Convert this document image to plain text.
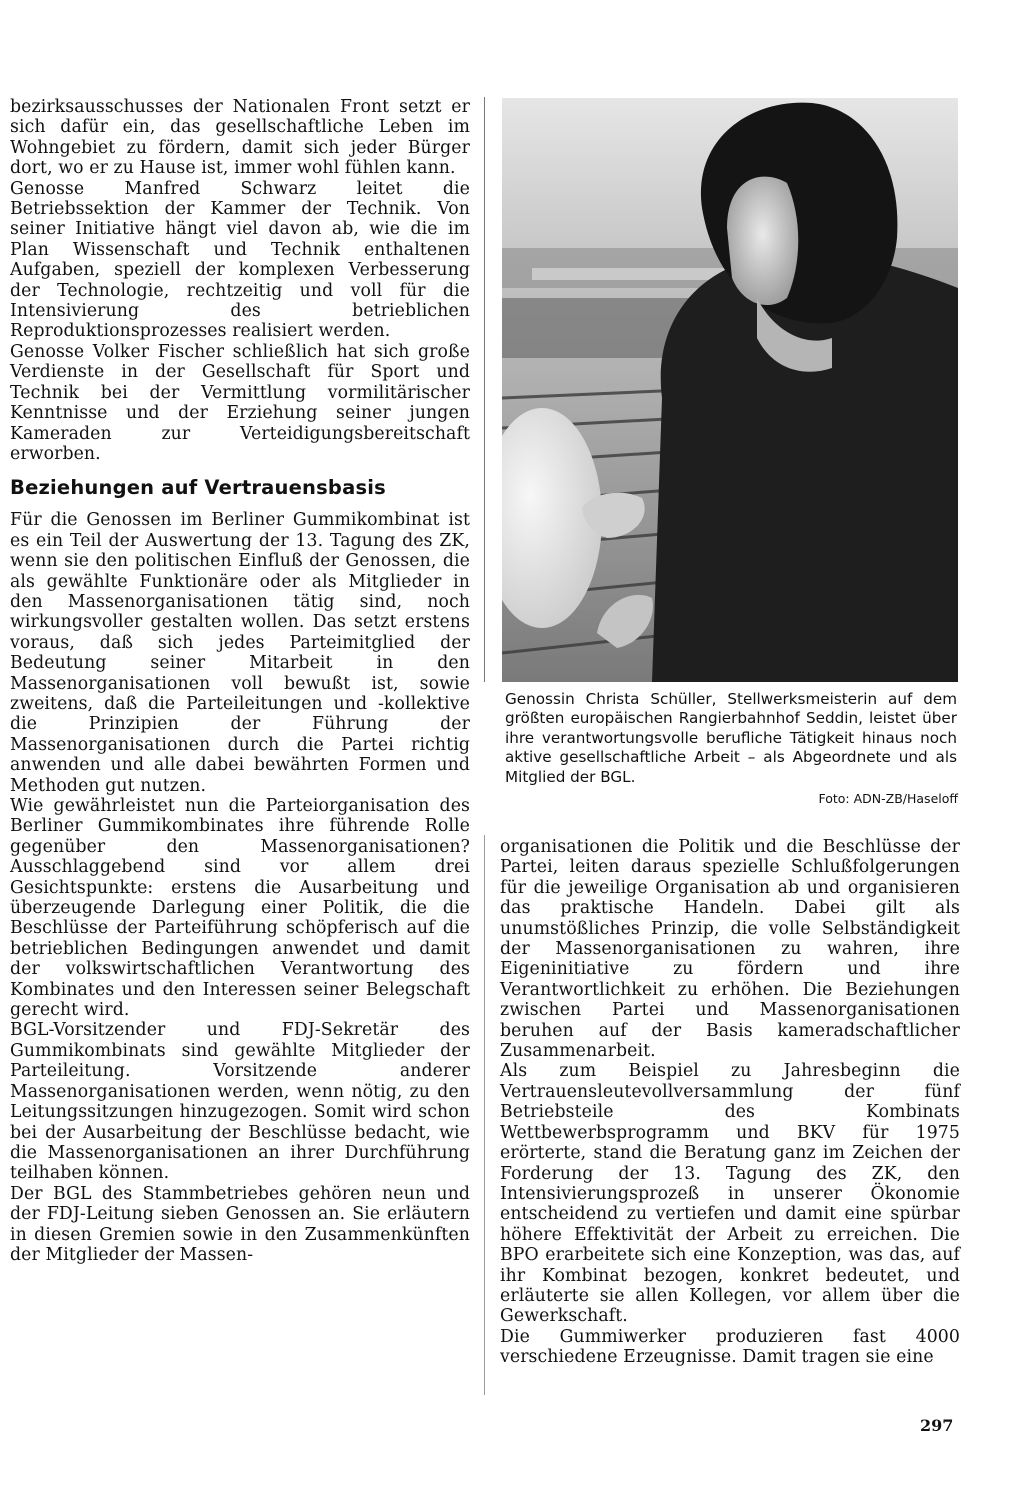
bezirksausschusses der Nationalen Front setzt er sich dafür ein, das gesellschaftliche Leben im Wohngebiet zu fördern, damit sich jeder Bürger dort, wo er zu Hause ist, immer wohl fühlen kann.

Genosse Manfred Schwarz leitet die Betriebssektion der Kammer der Technik. Von seiner Initiative hängt viel davon ab, wie die im Plan Wissenschaft und Technik enthaltenen Aufgaben, speziell der komplexen Verbesserung der Technologie, rechtzeitig und voll für die Intensivierung des betrieblichen Reproduktionsprozesses realisiert werden.

Genosse Volker Fischer schließlich hat sich große Verdienste in der Gesellschaft für Sport und Technik bei der Vermittlung vormilitärischer Kenntnisse und der Erziehung seiner jungen Kameraden zur Verteidigungsbereitschaft erworben.

Beziehungen auf Vertrauensbasis

Für die Genossen im Berliner Gummikombinat ist es ein Teil der Auswertung der 13. Tagung des ZK, wenn sie den politischen Einfluß der Genossen, die als gewählte Funktionäre oder als Mitglieder in den Massenorganisationen tätig sind, noch wirkungsvoller gestalten wollen. Das setzt erstens voraus, daß sich jedes Parteimitglied der Bedeutung seiner Mitarbeit in den Massenorganisationen voll bewußt ist, sowie zweitens, daß die Parteileitungen und -kollektive die Prinzipien der Führung der Massenorganisationen durch die Partei richtig anwenden und alle dabei bewährten Formen und Methoden gut nutzen.

Wie gewährleistet nun die Parteiorganisation des Berliner Gummikombinates ihre führende Rolle gegenüber den Massenorganisationen? Ausschlaggebend sind vor allem drei Gesichtspunkte: erstens die Ausarbeitung und überzeugende Darlegung einer Politik, die die Beschlüsse der Parteiführung schöpferisch auf die betrieblichen Bedingungen anwendet und damit der volkswirtschaftlichen Verantwortung des Kombinates und den Interessen seiner Belegschaft gerecht wird.

BGL-Vorsitzender und FDJ-Sekretär des Gummikombinats sind gewählte Mitglieder der Parteileitung. Vorsitzende anderer Massenorganisationen werden, wenn nötig, zu den Leitungssitzungen hinzugezogen. Somit wird schon bei der Ausarbeitung der Beschlüsse bedacht, wie die Massenorganisationen an ihrer Durchführung teilhaben können.

Der BGL des Stammbetriebes gehören neun und der FDJ-Leitung sieben Genossen an. Sie erläutern in diesen Gremien sowie in den Zusammenkünften der Mitglieder der Massen-

Genossin Christa Schüller, Stellwerksmeisterin auf dem größten europäischen Rangierbahnhof Seddin, leistet über ihre verantwortungsvolle berufliche Tätigkeit hinaus noch aktive gesellschaftliche Arbeit – als Abgeordnete und als Mitglied der BGL.

Foto: ADN-ZB/Haseloff

organisationen die Politik und die Beschlüsse der Partei, leiten daraus spezielle Schlußfolgerungen für die jeweilige Organisation ab und organisieren das praktische Handeln. Dabei gilt als unumstößliches Prinzip, die volle Selbständigkeit der Massenorganisationen zu wahren, ihre Eigeninitiative zu fördern und ihre Verantwortlichkeit zu erhöhen. Die Beziehungen zwischen Partei und Massenorganisationen beruhen auf der Basis kameradschaftlicher Zusammenarbeit.

Als zum Beispiel zu Jahresbeginn die Vertrauensleutevollversammlung der fünf Betriebsteile des Kombinats Wettbewerbsprogramm und BKV für 1975 erörterte, stand die Beratung ganz im Zeichen der Forderung der 13. Tagung des ZK, den Intensivierungsprozeß in unserer Ökonomie entscheidend zu vertiefen und damit eine spürbar höhere Effektivität der Arbeit zu erreichen. Die BPO erarbeitete sich eine Konzeption, was das, auf ihr Kombinat bezogen, konkret bedeutet, und erläuterte sie allen Kollegen, vor allem über die Gewerkschaft.

Die Gummiwerker produzieren fast 4000 verschiedene Erzeugnisse. Damit tragen sie eine

297
